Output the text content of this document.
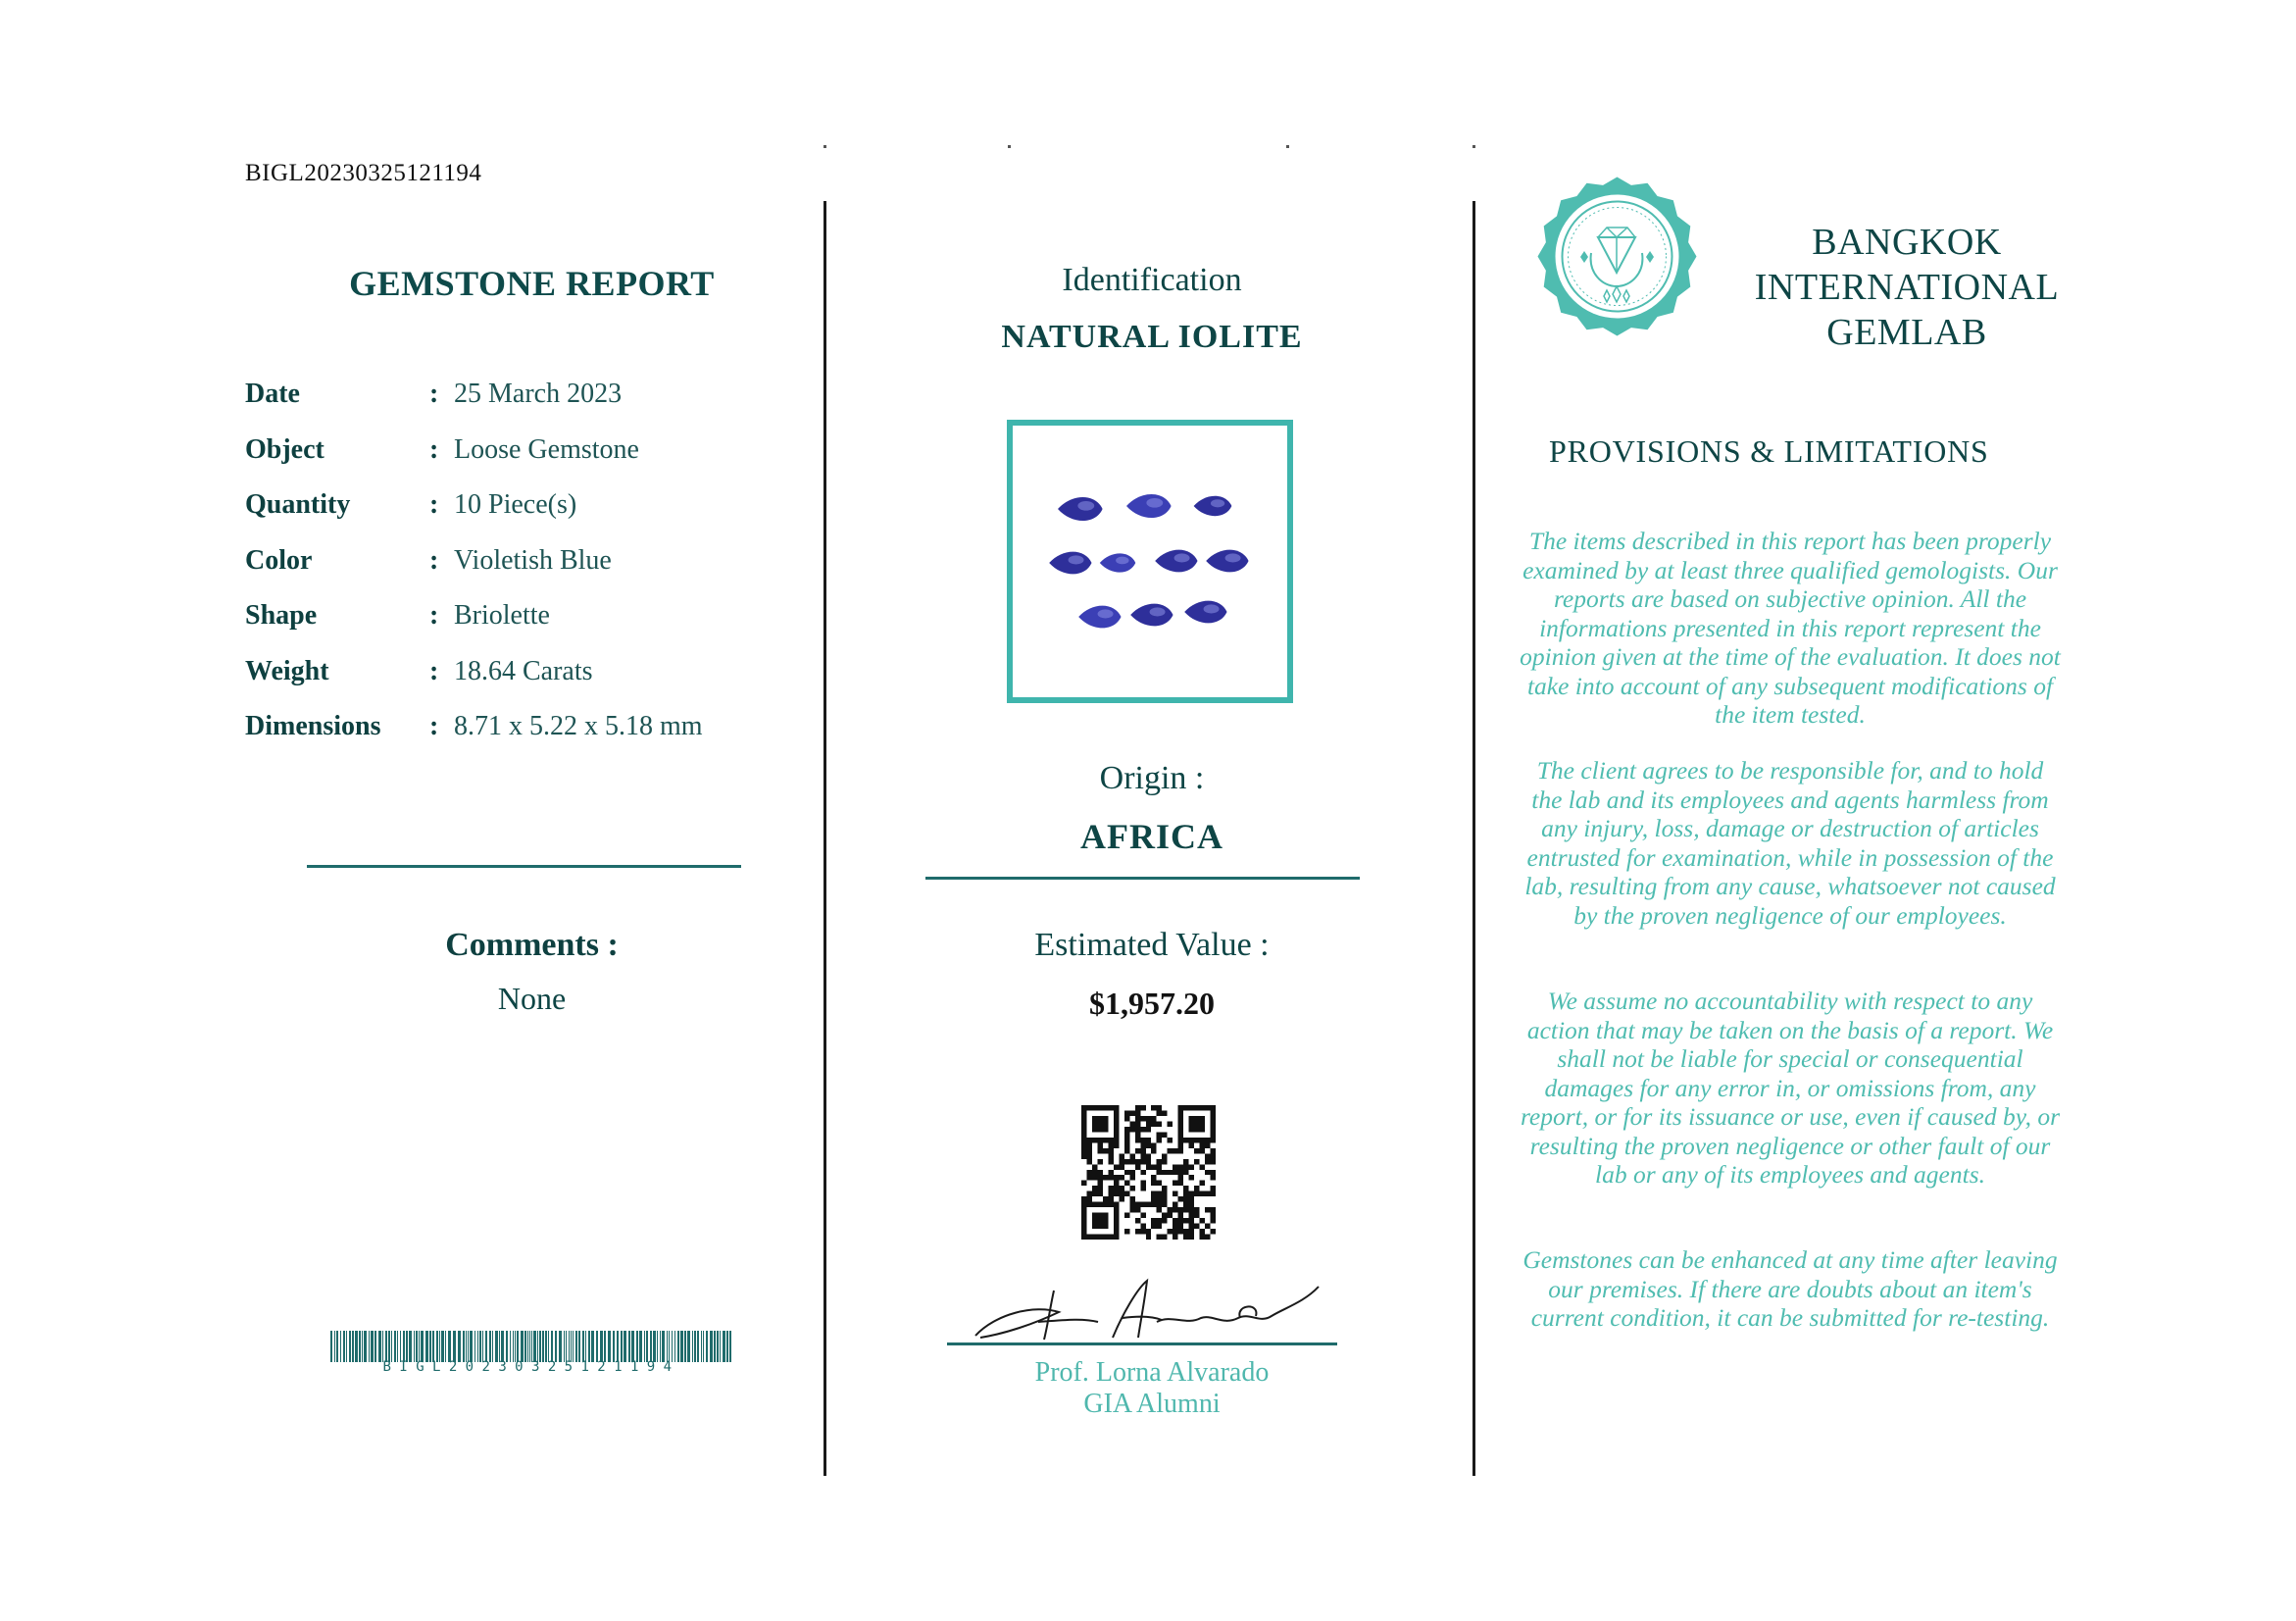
BIGL20230325121194
GEMSTONE REPORT
Date	: 25 March 2023
Object	: Loose Gemstone
Quantity	: 10 Piece(s)
Color	: Violetish Blue
Shape	: Briolette
Weight	: 18.64 Carats
Dimensions : 8.71 x 5.22 x 5.18 mm
Comments :
None
BIGL20230325121194
Identification
NATURAL IOLITE
Origin :
AFRICA
Estimated Value :
$1,957.20
Prof. Lorna Alvarado
GIA Alumni
BANGKOK
INTERNATIONAL
GEMLAB
PROVISIONS & LIMITATIONS
The items described in this report has been properly examined by at least three qualified gemologists. Our reports are based on subjective opinion. All the informations presented in this report represent the opinion given at the time of the evaluation. It does not take into account of any subsequent modifications of the item tested.
The client agrees to be responsible for, and to hold the lab and its employees and agents harmless from any injury, loss, damage or destruction of articles entrusted for examination, while in possession of the lab, resulting from any cause, whatsoever not caused by the proven negligence of our employees.
We assume no accountability with respect to any action that may be taken on the basis of a report. We shall not be liable for special or consequential damages for any error in, or omissions from, any report, or for its issuance or use, even if caused by, or resulting the proven negligence or other fault of our lab or any of its employees and agents.
Gemstones can be enhanced at any time after leaving our premises. If there are doubts about an item's current condition, it can be submitted for re-testing.
